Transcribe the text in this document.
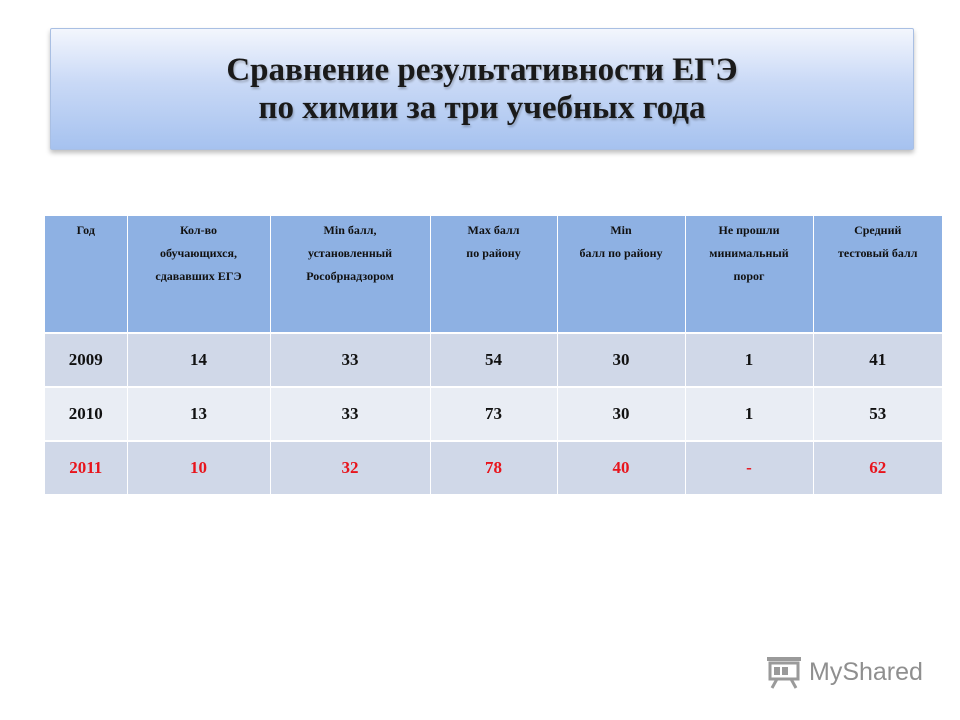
Сравнение результативности ЕГЭ
по химии за три учебных года
Год	Кол-во
обучающихся,
сдававших ЕГЭ	Min балл,
установленный
Рособрнадзором	Max балл
по району	Min
балл по району	Не прошли
минимальный
порог	Средний
тестовый балл

2009	14	33	54	30	1	41
2010	13	33	73	30	1	53
2011	10	32	78	40	-	62
MyShared
